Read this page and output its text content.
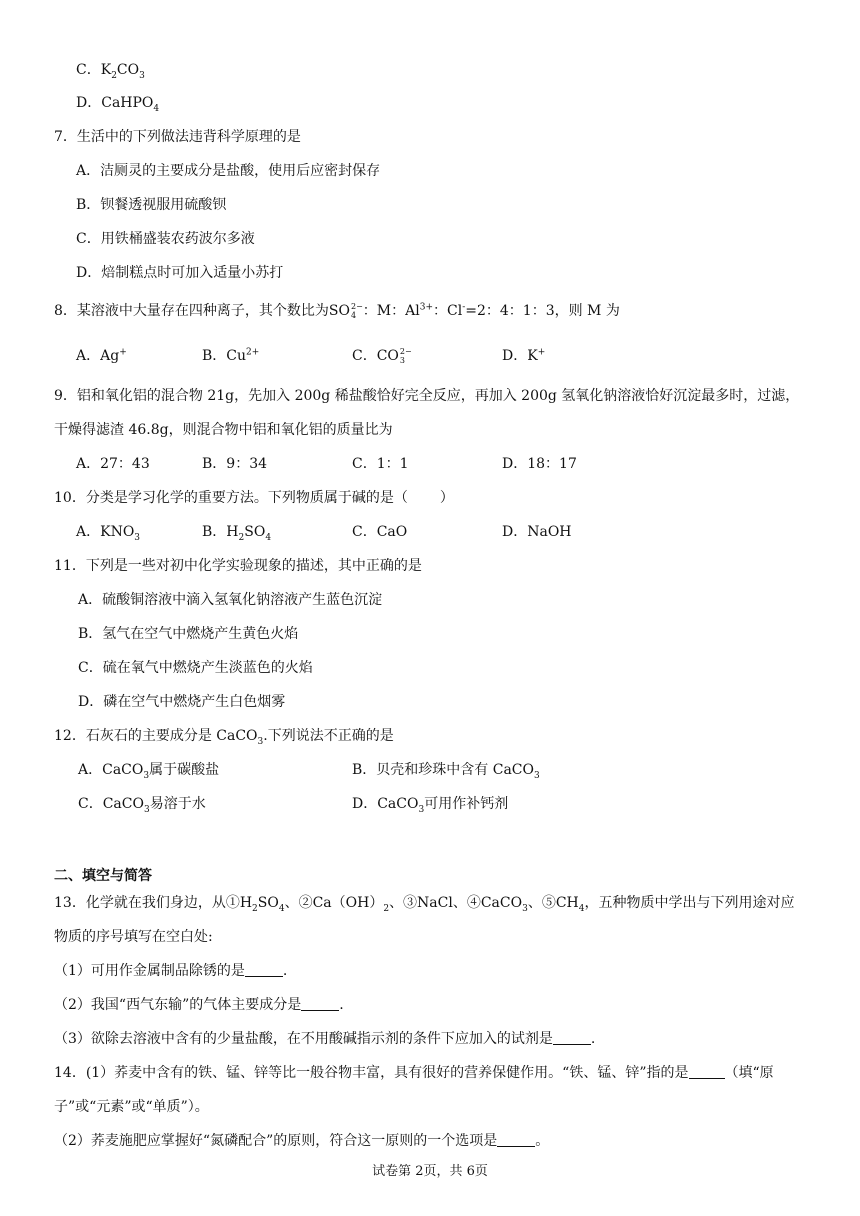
C．$K_2CO_3$
D．CaHPO$_4$
7．生活中的下列做法违背科学原理的是
A．洁厕灵的主要成分是盐酸，使用后应密封保存
B．钡餐透视服用硫酸钡
C．用铁桶盛装农药波尔多液
D．焙制糕点时可加入适量小苏打
8．某溶液中大量存在四种离子，其个数比为SO 2−
4 ：M：$Al^{3+}$：Cl-=2：4：1：3，则 M 为
A．Ag+	B．$Cu^{2+}$	C．CO 2−
3	D．K+
9．铝和氧化铝的混合物 21g，先加入 200g 稀盐酸恰好完全反应，再加入 200g 氢氧化钠溶液恰好沉淀最多时，过滤，
干燥得滤渣 46.8g，则混合物中铝和氧化铝的质量比为
A．27：43	B．9：34	C．1：1	D．18：17
10．分类是学习化学的重要方法。下列物质属于碱的是（ ）
A．$KNO_3$	B．$H_2SO_4$	C．CaO	D．NaOH
11．下列是一些对初中化学实验现象的描述，其中正确的是
A．硫酸铜溶液中滴入氢氧化钠溶液产生蓝色沉淀
B．氢气在空气中燃烧产生黄色火焰
C．硫在氧气中燃烧产生淡蓝色的火焰
D．磷在空气中燃烧产生白色烟雾
12．石灰石的主要成分是 CaCO$_3$.下列说法不正确的是
A．CaCO$_3$属于碳酸盐	B．贝壳和珍珠中含有 CaCO$_3$
C．CaCO$_3$易溶于水	D．CaCO$_3$可用作补钙剂
二、填空与简答
13．化学就在我们身边，从$①H_2SO_4$、$②Ca(OH)_2$、③NaCl、④CaCO$_3$、$⑤CH_4$，五种物质中学出与下列用途对应
物质的序号填写在空白处:
（1）可用作金属制品除锈的是	.
（2）我国“西气东输”的气体主要成分是	.
（3）欲除去溶液中含有的少量盐酸，在不用酸碱指示剂的条件下应加入的试剂是	.
14．(1）荞麦中含有的铁、锰、锌等比一般谷物丰富，具有很好的营养保健作用。“铁、锰、锌”指的是	（填“原
子”或“元素”或“单质”）。
（2）荞麦施肥应掌握好“氮磷配合”的原则，符合这一原则的一个选项是	。
试卷第 2页，共 6页
